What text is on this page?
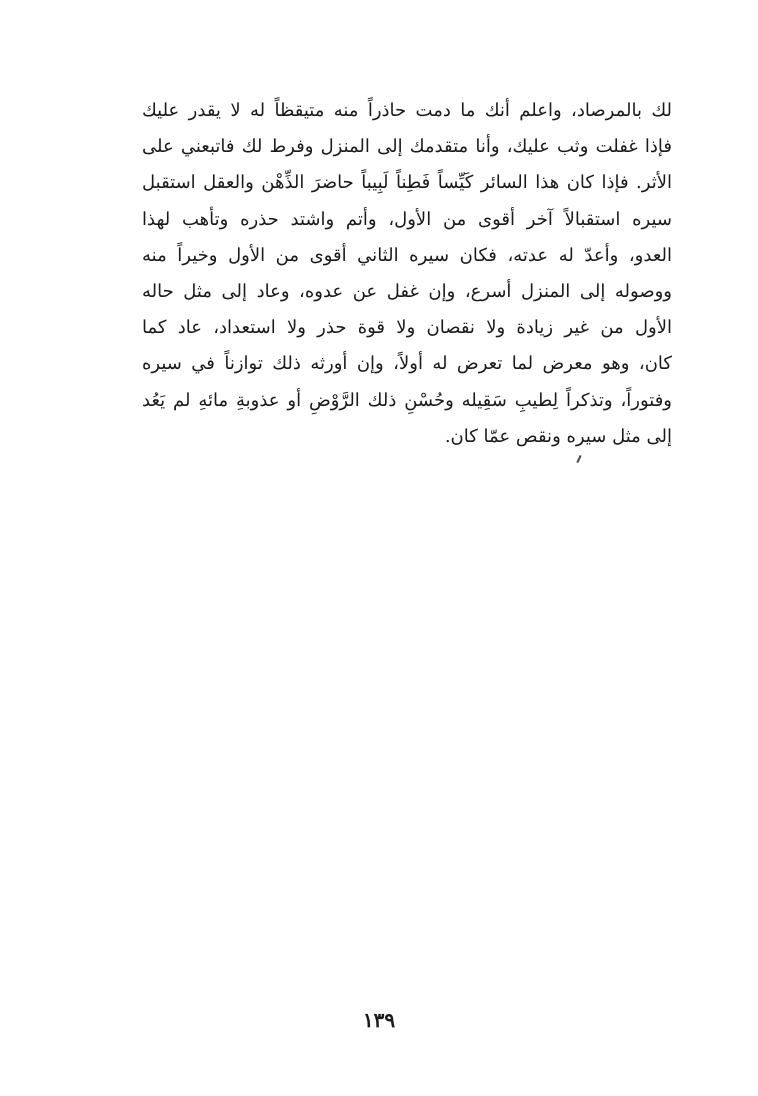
لك بالمرصاد، واعلم أنك ما دمت حاذراً منه متيقظاً له لا يقدر عليك
فإذا غفلت وثب عليك، وأنا متقدمك إلى المنزل وفرط لك فاتبعني على
الأثر. فإذا كان هذا السائر كَيِّساً فَطِناً لَبِيباً حاضرَ الذِّهْن والعقل استقبل
سيره استقبالاً آخر أقوى من الأول، وأتم واشتد حذره وتأهب لهذا
العدو، وأعدّ له عدته، فكان سيره الثاني أقوى من الأول وخيراً منه
ووصوله إلى المنزل أسرع، وإن غفل عن عدوه، وعاد إلى مثل حاله
الأول من غير زيادة ولا نقصان ولا قوة حذر ولا استعداد، عاد كما
كان، وهو معرض لما تعرض له أولاً، وإن أورثه ذلك توازناً في سيره
وفتوراً، وتذكراً لِطيبِ سَقِيله وحُسْنِ ذلك الرَّوْضِ أو عذوبةِ مائهِ لم يَعُد
إلى مثل سيره ونقص عمّا كان.
١٣٩
